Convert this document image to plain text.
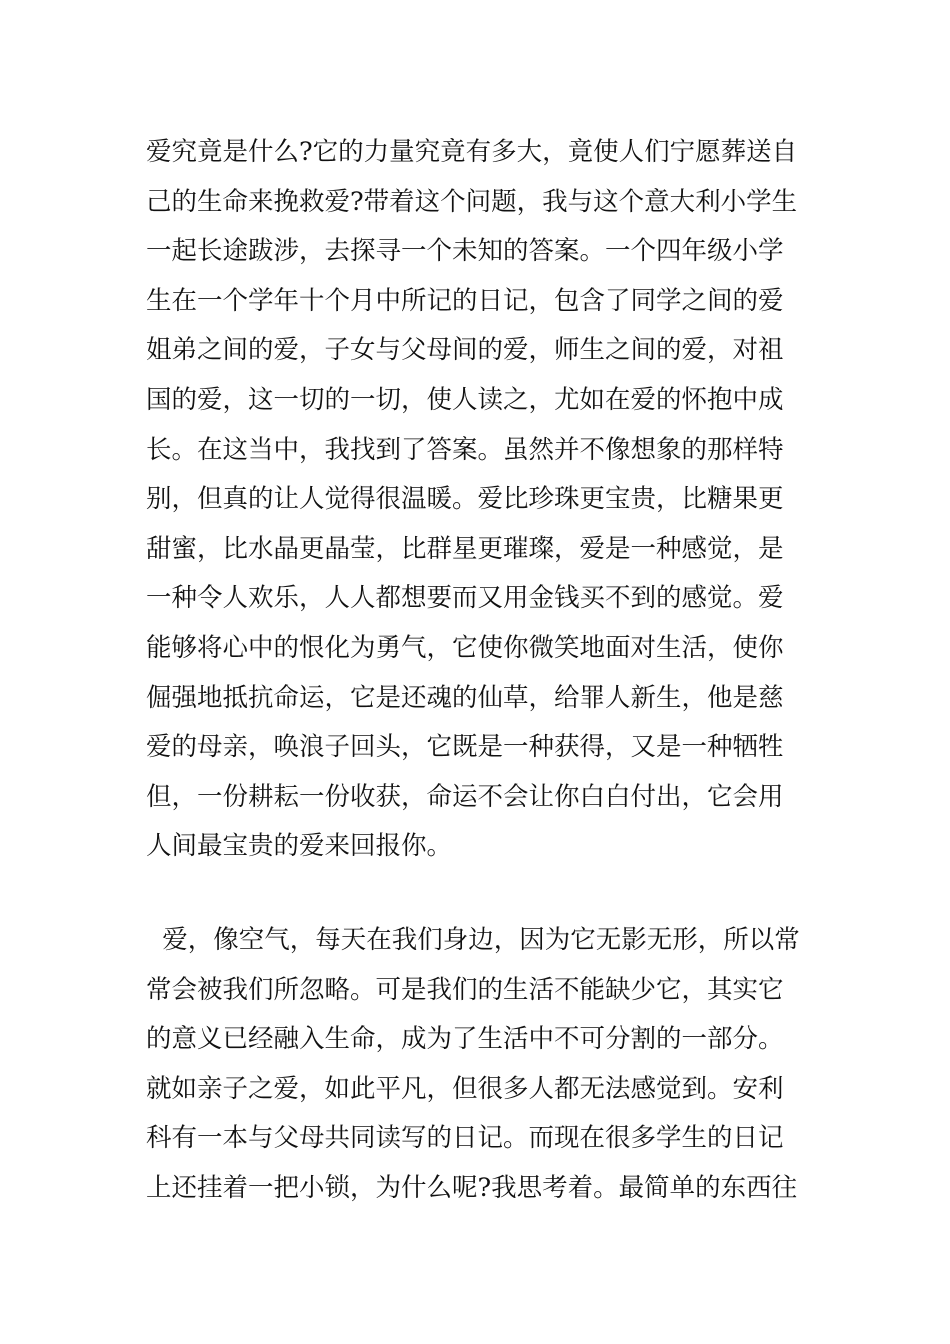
爱究竟是什么?它的力量究竟有多大，竟使人们宁愿葬送自
己的生命来挽救爱?带着这个问题，我与这个意大利小学生
一起长途跋涉，去探寻一个未知的答案。一个四年级小学
生在一个学年十个月中所记的日记，包含了同学之间的爱
姐弟之间的爱，子女与父母间的爱，师生之间的爱，对祖
国的爱，这一切的一切，使人读之，尤如在爱的怀抱中成
长。在这当中，我找到了答案。虽然并不像想象的那样特
别，但真的让人觉得很温暖。爱比珍珠更宝贵，比糖果更
甜蜜，比水晶更晶莹，比群星更璀璨，爱是一种感觉，是
一种令人欢乐，人人都想要而又用金钱买不到的感觉。爱
能够将心中的恨化为勇气，它使你微笑地面对生活，使你
倔强地抵抗命运，它是还魂的仙草，给罪人新生，他是慈
爱的母亲，唤浪子回头，它既是一种获得，又是一种牺牲
但，一份耕耘一份收获，命运不会让你白白付出，它会用
人间最宝贵的爱来回报你。
爱，像空气，每天在我们身边，因为它无影无形，所以常
常会被我们所忽略。可是我们的生活不能缺少它，其实它
的意义已经融入生命，成为了生活中不可分割的一部分。
就如亲子之爱，如此平凡，但很多人都无法感觉到。安利
科有一本与父母共同读写的日记。而现在很多学生的日记
上还挂着一把小锁，为什么呢?我思考着。最简单的东西往
